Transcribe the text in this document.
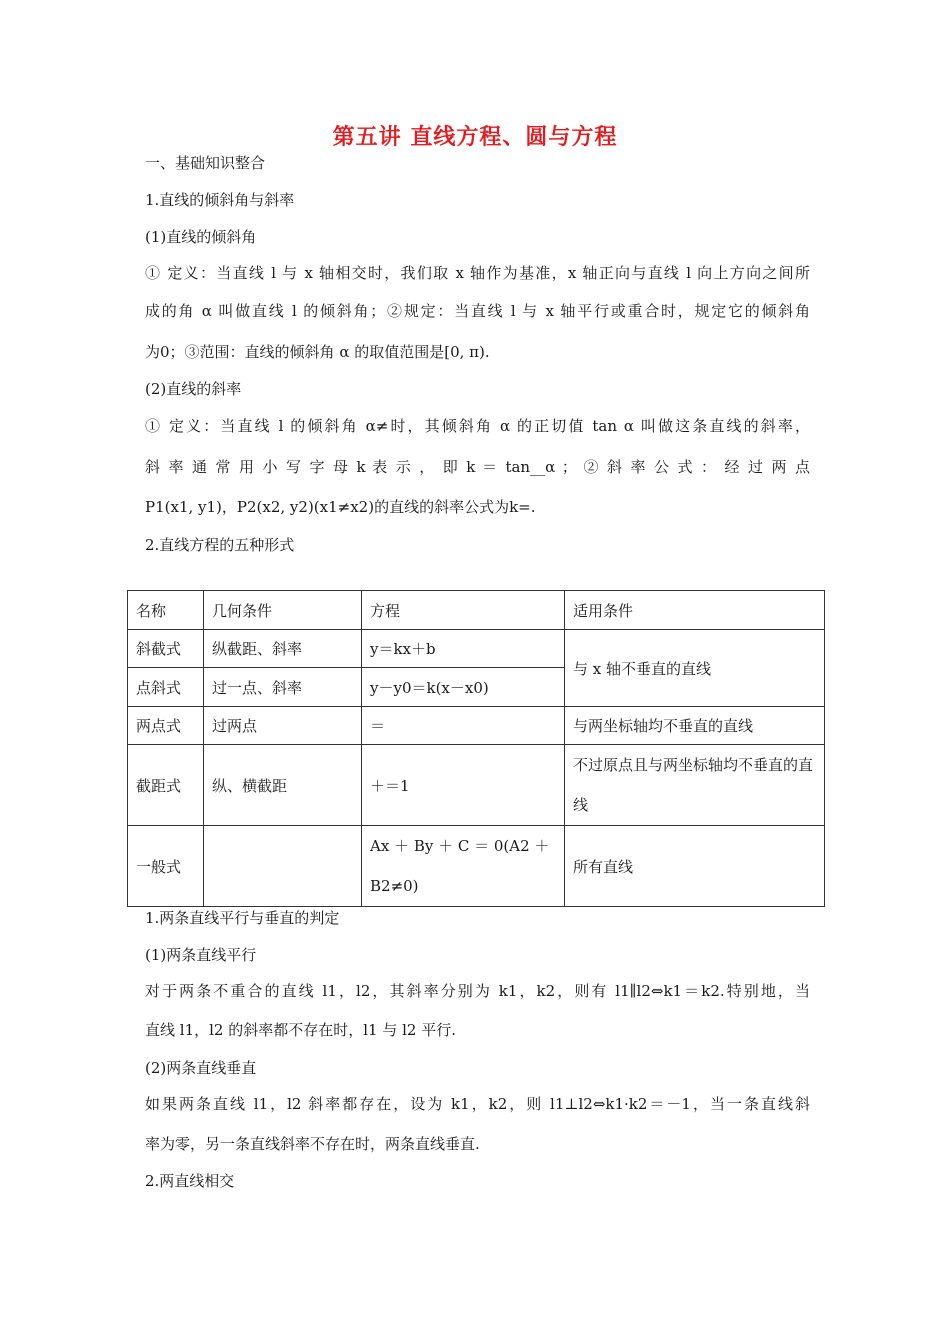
第五讲 直线方程、圆与方程
一、基础知识整合
1.直线的倾斜角与斜率
(1)直线的倾斜角
① 定义：当直线 l 与 x 轴相交时，我们取 x 轴作为基准，x 轴正向与直线 l 向上方向之间所
成的角 α 叫做直线 l 的倾斜角；②规定：当直线 l 与 x 轴平行或重合时，规定它的倾斜角
为0；③范围：直线的倾斜角 α 的取值范围是[0, π).
(2)直线的斜率
① 定义：当直线 l 的倾斜角 α≠时，其倾斜角 α 的正切值 tan α 叫做这条直线的斜率，
斜 率 通 常 用 小 写 字 母 k 表 示 ， 即 k ＝ tan__α ； ② 斜 率 公 式 ： 经 过 两 点
P1(x1, y1)，P2(x2, y2)(x1≠x2)的直线的斜率公式为k=.
2.直线方程的五种形式
名称	几何条件	方程	适用条件
斜截式	纵截距、斜率	y＝kx＋b	与 x 轴不垂直的直线
点斜式	过一点、斜率	y－y0＝k(x－x0)	
两点式	过两点	＝	与两坐标轴均不垂直的直线
截距式	纵、横截距	＋＝1	不过原点且与两坐标轴均不垂直的直线
一般式		Ax ＋ By ＋ C ＝ 0(A2 ＋ B2≠0)	所有直线
1.两条直线平行与垂直的判定
(1)两条直线平行
对于两条不重合的直线 l1，l2，其斜率分别为 k1，k2，则有 l1∥l2⇔k1＝k2.特别地，当
直线 l1，l2 的斜率都不存在时，l1 与 l2 平行.
(2)两条直线垂直
如果两条直线 l1，l2 斜率都存在，设为 k1，k2，则 l1⊥l2⇔k1·k2＝－1，当一条直线斜
率为零，另一条直线斜率不存在时，两条直线垂直.
2.两直线相交
